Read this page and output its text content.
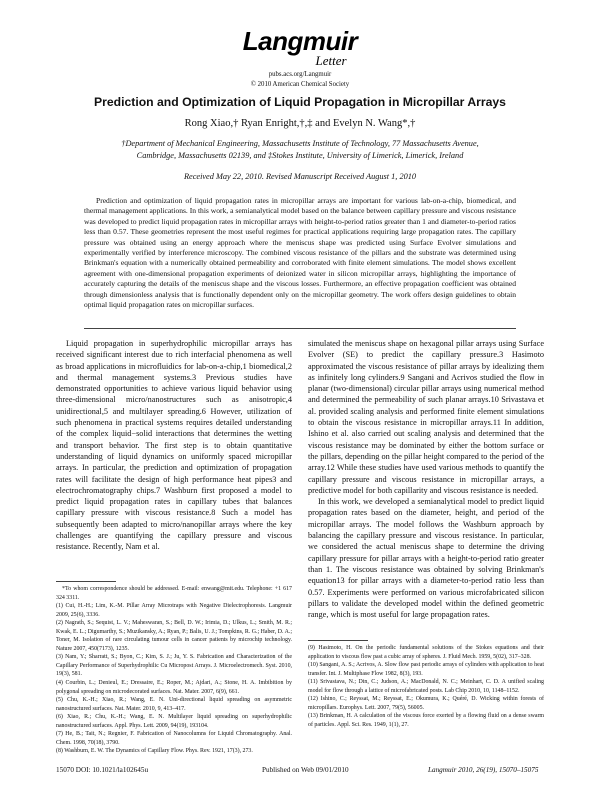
Langmuir
Letter
pubs.acs.org/Langmuir
© 2010 American Chemical Society
Prediction and Optimization of Liquid Propagation in Micropillar Arrays
Rong Xiao,† Ryan Enright,†,‡ and Evelyn N. Wang*,†
†Department of Mechanical Engineering, Massachusetts Institute of Technology, 77 Massachusetts Avenue,
Cambridge, Massachusetts 02139, and ‡Stokes Institute, University of Limerick, Limerick, Ireland
Received May 22, 2010. Revised Manuscript Received August 1, 2010
Prediction and optimization of liquid propagation rates in micropillar arrays are important for various lab-on-a-chip, biomedical, and thermal management applications. In this work, a semianalytical model based on the balance between capillary pressure and viscous resistance was developed to predict liquid propagation rates in micropillar arrays with height-to-period ratios greater than 1 and diameter-to-period ratios less than 0.57. These geometries represent the most useful regimes for practical applications requiring large propagation rates. The capillary pressure was obtained using an energy approach where the meniscus shape was predicted using Surface Evolver simulations and experimentally verified by interference microscopy. The combined viscous resistance of the pillars and the substrate was determined using Brinkman's equation with a numerically obtained permeability and corroborated with finite element simulations. The model shows excellent agreement with one-dimensional propagation experiments of deionized water in silicon micropillar arrays, highlighting the importance of accurately capturing the details of the meniscus shape and the viscous losses. Furthermore, an effective propagation coefficient was obtained through dimensionless analysis that is functionally dependent only on the micropillar geometry. The work offers design guidelines to obtain optimal liquid propagation rates on micropillar surfaces.

Liquid propagation in superhydrophilic micropillar arrays has received significant interest due to rich interfacial phenomena as well as broad applications in microfluidics for lab-on-a-chip,1 biomedical,2 and thermal management systems.3 Previous studies have demonstrated opportunities to achieve various liquid behavior using three-dimensional micro/nanostructures such as anisotropic,4 unidirectional,5 and multilayer spreading.6 However, utilization of such phenomena in practical systems requires detailed understanding of the complex liquid−solid interactions that determines the wetting and transport behavior. The first step is to obtain quantitative understanding of liquid dynamics on uniformly spaced micropillar arrays. In particular, the prediction and optimization of propagation rates will facilitate the design of high performance heat pipes3 and electrochromatography chips.7 Washburn first proposed a model to predict liquid propagation rates in capillary tubes that balances capillary pressure with viscous resistance.8 Such a model has subsequently been adapted to micro/nanopillar arrays where the key challenges are quantifying the capillary pressure and viscous resistance. Recently, Nam et al.

simulated the meniscus shape on hexagonal pillar arrays using Surface Evolver (SE) to predict the capillary pressure.3 Hasimoto approximated the viscous resistance of pillar arrays by idealizing them as infinitely long cylinders.9 Sangani and Acrivos studied the flow in planar (two-dimensional) circular pillar arrays using numerical method and determined the permeability of such planar arrays.10 Srivastava et al. provided scaling analysis and performed finite element simulations to obtain the viscous resistance in micropillar arrays.11 In addition, Ishino et al. also carried out scaling analysis and determined that the viscous resistance may be dominated by either the bottom surface or the pillars, depending on the pillar height compared to the period of the array.12 While these studies have used various methods to quantify the capillary pressure and viscous resistance in micropillar arrays, a predictive model for both capillarity and viscous resistance is needed.

In this work, we developed a semianalytical model to predict liquid propagation rates based on the diameter, height, and period of the micropillar arrays. The model follows the Washburn approach by balancing the capillary pressure and viscous resistance. In particular, we considered the actual meniscus shape to determine the driving capillary pressure for pillar arrays with a height-to-period ratio greater than 1. The viscous resistance was obtained by solving Brinkman's equation13 for pillar arrays with a diameter-to-period ratio less than 0.57. Experiments were performed on various microfabricated silicon pillars to validate the developed model within the defined geometric range, which is most useful for large propagation rates.

*To whom correspondence should be addressed. E-mail: enwang@mit.edu. Telephone: +1 617 324 3311.
(1) Cui, H.-H.; Lim, K.-M. Pillar Array Microtraps with Negative Dielectrophoresis. Langmuir 2009, 25(6), 3336.
(2) Nagrath, S.; Sequist, L. V.; Maheswaran, S.; Bell, D. W.; Irimia, D.; Ulkus, L.; Smith, M. R.; Kwak, E. L.; Digumarthy, S.; Muzikansky, A.; Ryan, P.; Balis, U. J.; Tompkins, R. G.; Haber, D. A.; Toner, M. Isolation of rare circulating tumour cells in cancer patients by microchip technology. Nature 2007, 450(7173), 1235.
(3) Nam, Y.; Sharratt, S.; Byon, C.; Kim, S. J.; Ju, Y. S. Fabrication and Characterization of the Capillary Performance of Superhydrophilic Cu Micropost Arrays. J. Microelectromech. Syst. 2010, 19(3), 581.
(4) Courbin, L.; Denieul, E.; Dressaire, E.; Roper, M.; Ajdari, A.; Stone, H. A. Imbibition by polygonal spreading on microdecorated surfaces. Nat. Mater. 2007, 6(9), 661.
(5) Chu, K.-H.; Xiao, R.; Wang, E. N. Uni-directional liquid spreading on asymmetric nanostructured surfaces. Nat. Mater. 2010, 9, 413–417.
(6) Xiao, R.; Chu, K.-H.; Wang, E. N. Multilayer liquid spreading on superhydrophilic nanostructured surfaces. Appl. Phys. Lett. 2009, 94(19), 193104.
(7) He, B.; Tait, N.; Regnier, F. Fabrication of Nanocolumns for Liquid Chromatography. Anal. Chem. 1998, 70(18), 3790.
(8) Washburn, E. W. The Dynamics of Capillary Flow. Phys. Rev. 1921, 17(3), 273.
(9) Hasimoto, H. On the periodic fundamental solutions of the Stokes equations and their application to viscous flow past a cubic array of spheres. J. Fluid Mech. 1959, 5(02), 317–328.
(10) Sangani, A. S.; Acrivos, A. Slow flow past periodic arrays of cylinders with application to heat transfer. Int. J. Multiphase Flow 1982, 8(3), 193.
(11) Srivastava, N.; Din, C.; Judson, A.; MacDonald, N. C.; Meinhart, C. D. A unified scaling model for flow through a lattice of microfabricated posts. Lab Chip 2010, 10, 1148–1152.
(12) Ishino, C.; Reyssat, M.; Reyssat, E.; Okumura, K.; Quéré, D. Wicking within forests of micropillars. Europhys. Lett. 2007, 79(5), 56005.
(13) Brinkman, H. A calculation of the viscous force exerted by a flowing fluid on a dense swarm of particles. Appl. Sci. Res. 1949, 1(1), 27.
15070 DOI: 10.1021/la102645u	Published on Web 09/01/2010	Langmuir 2010, 26(19), 15070–15075
